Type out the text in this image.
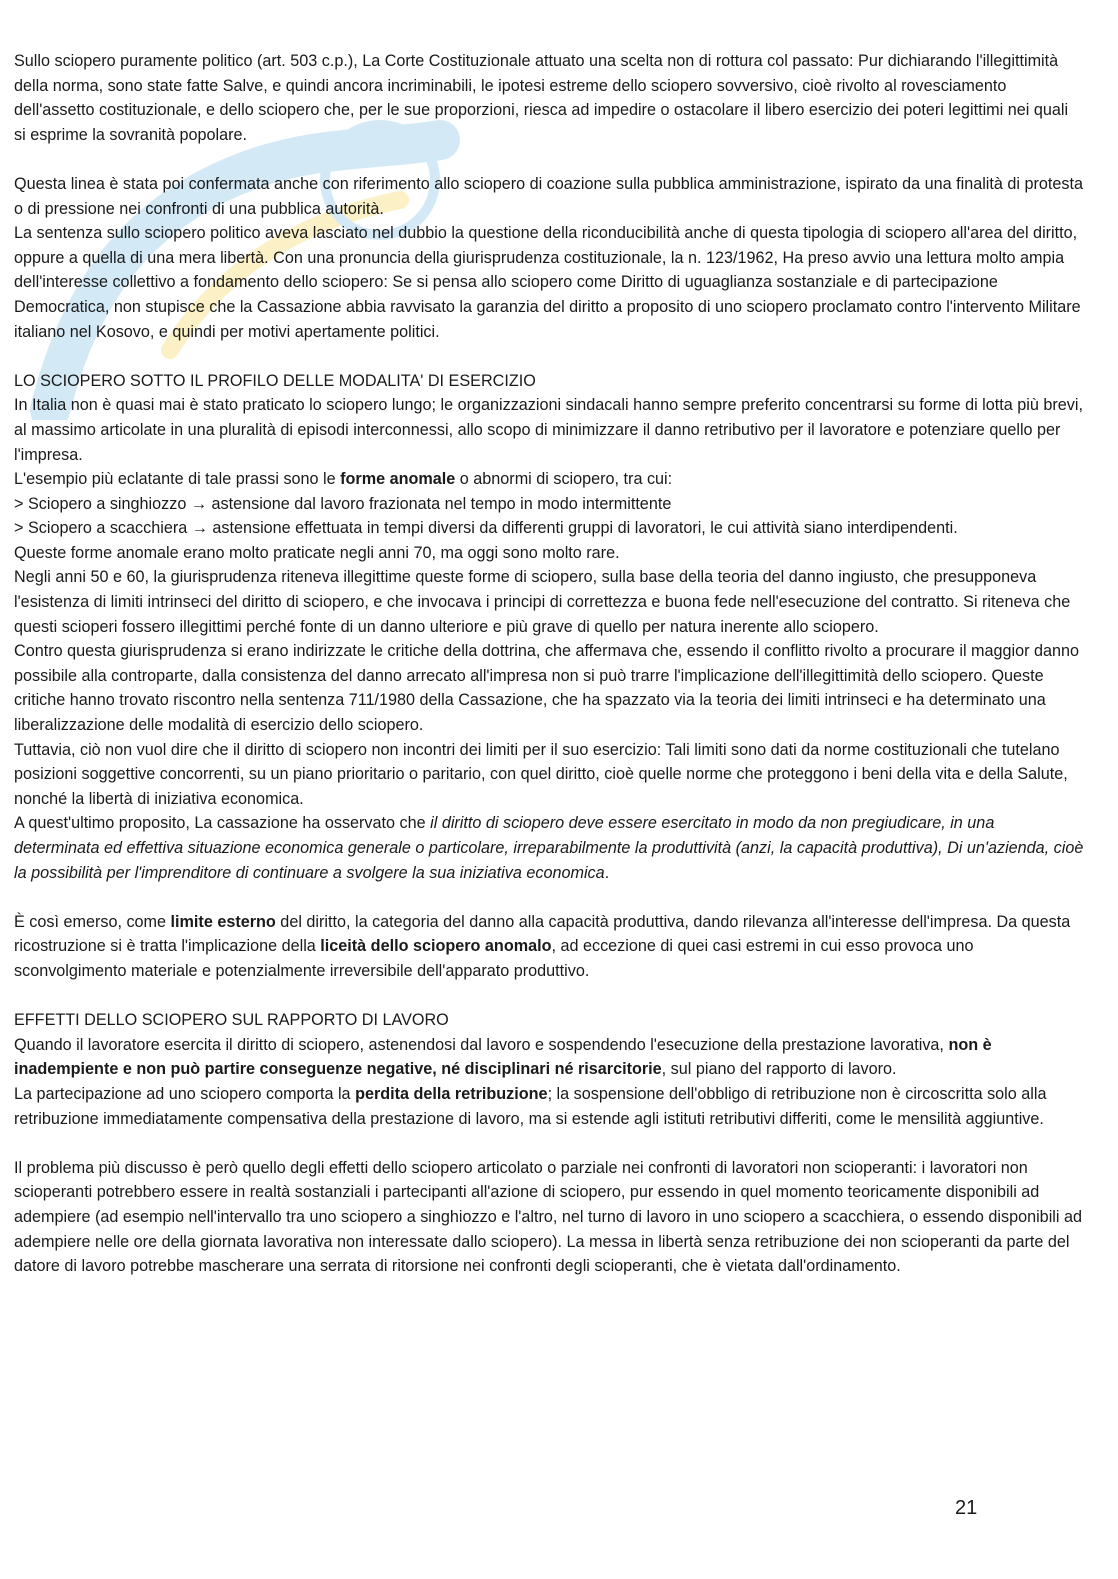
Sullo sciopero puramente politico (art. 503 c.p.), La Corte Costituzionale attuato una scelta non di rottura col passato: Pur dichiarando l'illegittimità della norma, sono state fatte Salve, e quindi ancora incriminabili, le ipotesi estreme dello sciopero sovversivo, cioè rivolto al rovesciamento dell'assetto costituzionale, e dello sciopero che, per le sue proporzioni, riesca ad impedire o ostacolare il libero esercizio dei poteri legittimi nei quali si esprime la sovranità popolare.

Questa linea è stata poi confermata anche con riferimento allo sciopero di coazione sulla pubblica amministrazione, ispirato da una finalità di protesta o di pressione nei confronti di una pubblica autorità.

La sentenza sullo sciopero politico aveva lasciato nel dubbio la questione della riconducibilità anche di questa tipologia di sciopero all'area del diritto, oppure a quella di una mera libertà. Con una pronuncia della giurisprudenza costituzionale, la n. 123/1962, Ha preso avvio una lettura molto ampia dell'interesse collettivo a fondamento dello sciopero: Se si pensa allo sciopero come Diritto di uguaglianza sostanziale e di partecipazione Democratica, non stupisce che la Cassazione abbia ravvisato la garanzia del diritto a proposito di uno sciopero proclamato contro l'intervento Militare italiano nel Kosovo, e quindi per motivi apertamente politici.

LO SCIOPERO SOTTO IL PROFILO DELLE MODALITA' DI ESERCIZIO

In Italia non è quasi mai è stato praticato lo sciopero lungo; le organizzazioni sindacali hanno sempre preferito concentrarsi su forme di lotta più brevi, al massimo articolate in una pluralità di episodi interconnessi, allo scopo di minimizzare il danno retributivo per il lavoratore e potenziare quello per l'impresa.

L'esempio più eclatante di tale prassi sono le forme anomale o abnormi di sciopero, tra cui:

> Sciopero a singhiozzo → astensione dal lavoro frazionata nel tempo in modo intermittente

> Sciopero a scacchiera → astensione effettuata in tempi diversi da differenti gruppi di lavoratori, le cui attività siano interdipendenti.

Queste forme anomale erano molto praticate negli anni 70, ma oggi sono molto rare.

Negli anni 50 e 60, la giurisprudenza riteneva illegittime queste forme di sciopero, sulla base della teoria del danno ingiusto, che presupponeva l'esistenza di limiti intrinseci del diritto di sciopero, e che invocava i principi di correttezza e buona fede nell'esecuzione del contratto. Si riteneva che questi scioperi fossero illegittimi perché fonte di un danno ulteriore e più grave di quello per natura inerente allo sciopero.

Contro questa giurisprudenza si erano indirizzate le critiche della dottrina, che affermava che, essendo il conflitto rivolto a procurare il maggior danno possibile alla controparte, dalla consistenza del danno arrecato all'impresa non si può trarre l'implicazione dell'illegittimità dello sciopero. Queste critiche hanno trovato riscontro nella sentenza 711/1980 della Cassazione, che ha spazzato via la teoria dei limiti intrinseci e ha determinato una liberalizzazione delle modalità di esercizio dello sciopero.

Tuttavia, ciò non vuol dire che il diritto di sciopero non incontri dei limiti per il suo esercizio: Tali limiti sono dati da norme costituzionali che tutelano posizioni soggettive concorrenti, su un piano prioritario o paritario, con quel diritto, cioè quelle norme che proteggono i beni della vita e della Salute, nonché la libertà di iniziativa economica.

A quest'ultimo proposito, La cassazione ha osservato che il diritto di sciopero deve essere esercitato in modo da non pregiudicare, in una determinata ed effettiva situazione economica generale o particolare, irreparabilmente la produttività (anzi, la capacità produttiva), Di un'azienda, cioè la possibilità per l'imprenditore di continuare a svolgere la sua iniziativa economica.

È così emerso, come limite esterno del diritto, la categoria del danno alla capacità produttiva, dando rilevanza all'interesse dell'impresa. Da questa ricostruzione si è tratta l'implicazione della liceità dello sciopero anomalo, ad eccezione di quei casi estremi in cui esso provoca uno sconvolgimento materiale e potenzialmente irreversibile dell'apparato produttivo.

EFFETTI DELLO SCIOPERO SUL RAPPORTO DI LAVORO

Quando il lavoratore esercita il diritto di sciopero, astenendosi dal lavoro e sospendendo l'esecuzione della prestazione lavorativa, non è inadempiente e non può partire conseguenze negative, né disciplinari né risarcitorie, sul piano del rapporto di lavoro.

La partecipazione ad uno sciopero comporta la perdita della retribuzione; la sospensione dell'obbligo di retribuzione non è circoscritta solo alla retribuzione immediatamente compensativa della prestazione di lavoro, ma si estende agli istituti retributivi differiti, come le mensilità aggiuntive.

Il problema più discusso è però quello degli effetti dello sciopero articolato o parziale nei confronti di lavoratori non scioperanti: i lavoratori non scioperanti potrebbero essere in realtà sostanziali i partecipanti all'azione di sciopero, pur essendo in quel momento teoricamente disponibili ad adempiere (ad esempio nell'intervallo tra uno sciopero a singhiozzo e l'altro, nel turno di lavoro in uno sciopero a scacchiera, o essendo disponibili ad adempiere nelle ore della giornata lavorativa non interessate dallo sciopero). La messa in libertà senza retribuzione dei non scioperanti da parte del datore di lavoro potrebbe mascherare una serrata di ritorsione nei confronti degli scioperanti, che è vietata dall'ordinamento.

21
